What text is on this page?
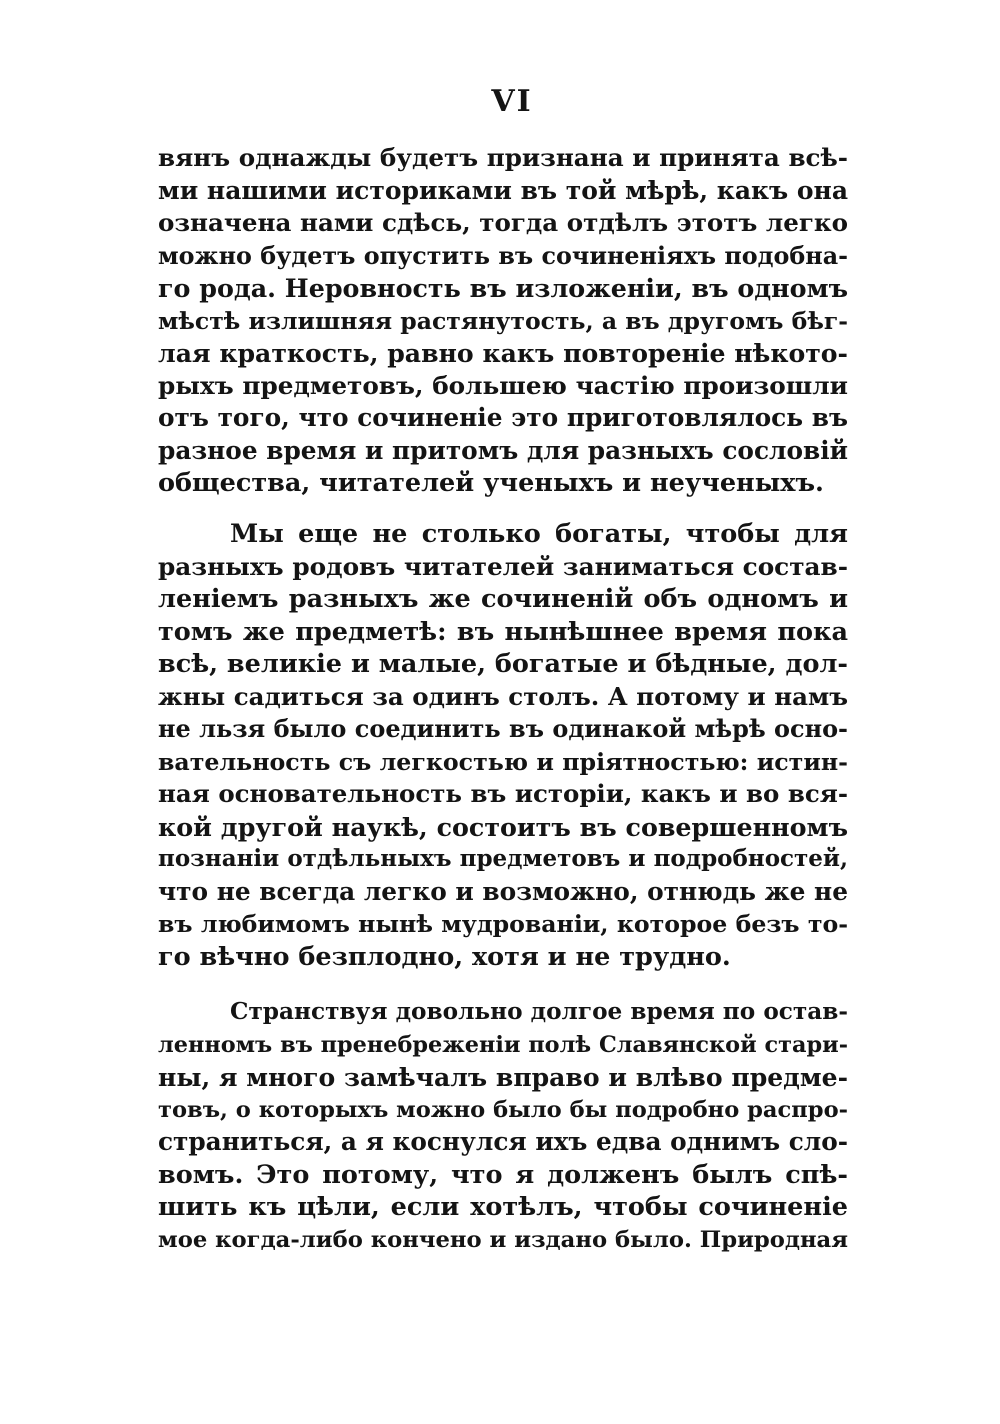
VI
вянъ однажды будетъ признана и принята всѣ-
ми нашими историками въ той мѣрѣ, какъ она
означена нами сдѣсь, тогда отдѣлъ этотъ легко
можно будетъ опустить въ сочиненіяхъ подобна-
го рода. Неровность въ изложеніи, въ одномъ
мѣстѣ излишняя растянутость, а въ другомъ бѣг-
лая краткость, равно какъ повтореніе нѣкото-
рыхъ предметовъ, большею частію произошли
отъ того, что сочиненіе это приготовлялось въ
разное время и притомъ для разныхъ сословій
общества, читателей ученыхъ и неученыхъ.
Мы еще не столько богаты, чтобы для
разныхъ родовъ читателей заниматься состав-
леніемъ разныхъ же сочиненій объ одномъ и
томъ же предметѣ: въ нынѣшнее время пока
всѣ, великіе и малые, богатые и бѣдные, дол-
жны садиться за одинъ столъ. А потому и намъ
не льзя было соединить въ одинакой мѣрѣ осно-
вательность съ легкостью и пріятностью: истин-
ная основательность въ исторіи, какъ и во вся-
кой другой наукѣ, состоитъ въ совершенномъ
познаніи отдѣльныхъ предметовъ и подробностей,
что не всегда легко и возможно, отнюдь же не
въ любимомъ нынѣ мудрованіи, которое безъ то-
го вѣчно безплодно, хотя и не трудно.
Странствуя довольно долгое время по остав-
ленномъ въ пренебреженіи полѣ Славянской стари-
ны, я много замѣчалъ вправо и влѣво предме-
товъ, о которыхъ можно было бы подробно распро-
страниться, а я коснулся ихъ едва однимъ сло-
вомъ. Это потому, что я долженъ былъ спѣ-
шить къ цѣли, если хотѣлъ, чтобы сочиненіе
мое когда-либо кончено и издано было. Природная
